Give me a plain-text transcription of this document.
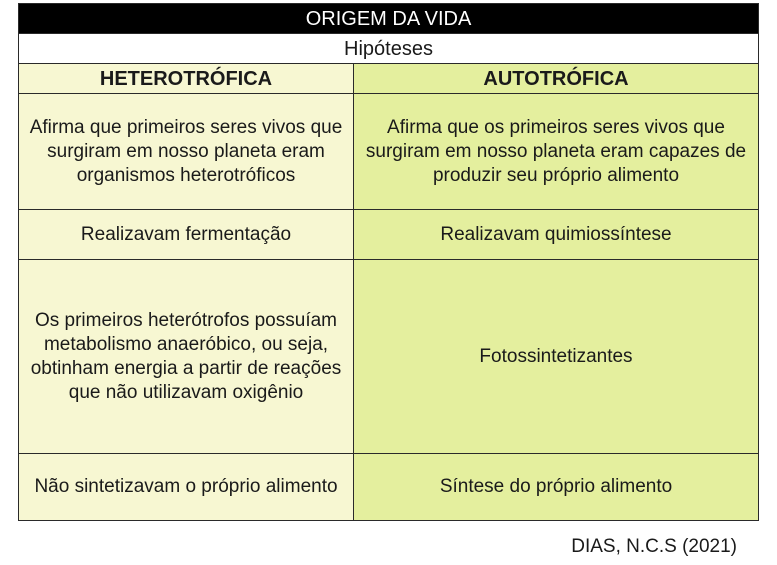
ORIGEM DA VIDA	
Hipóteses	
HETEROTRÓFICA	AUTOTRÓFICA
Afirma que primeiros seres vivos que surgiram em nosso planeta eram organismos heterotróficos	Afirma que os primeiros seres vivos que surgiram em nosso planeta eram capazes de produzir seu próprio alimento
Realizavam fermentação	Realizavam quimiossíntese
Os primeiros heterótrofos possuíam metabolismo anaeróbico, ou seja, obtinham energia a partir de reações que não utilizavam oxigênio	Fotossintetizantes
Não sintetizavam o próprio alimento	Síntese do próprio alimento
DIAS, N.C.S (2021)
